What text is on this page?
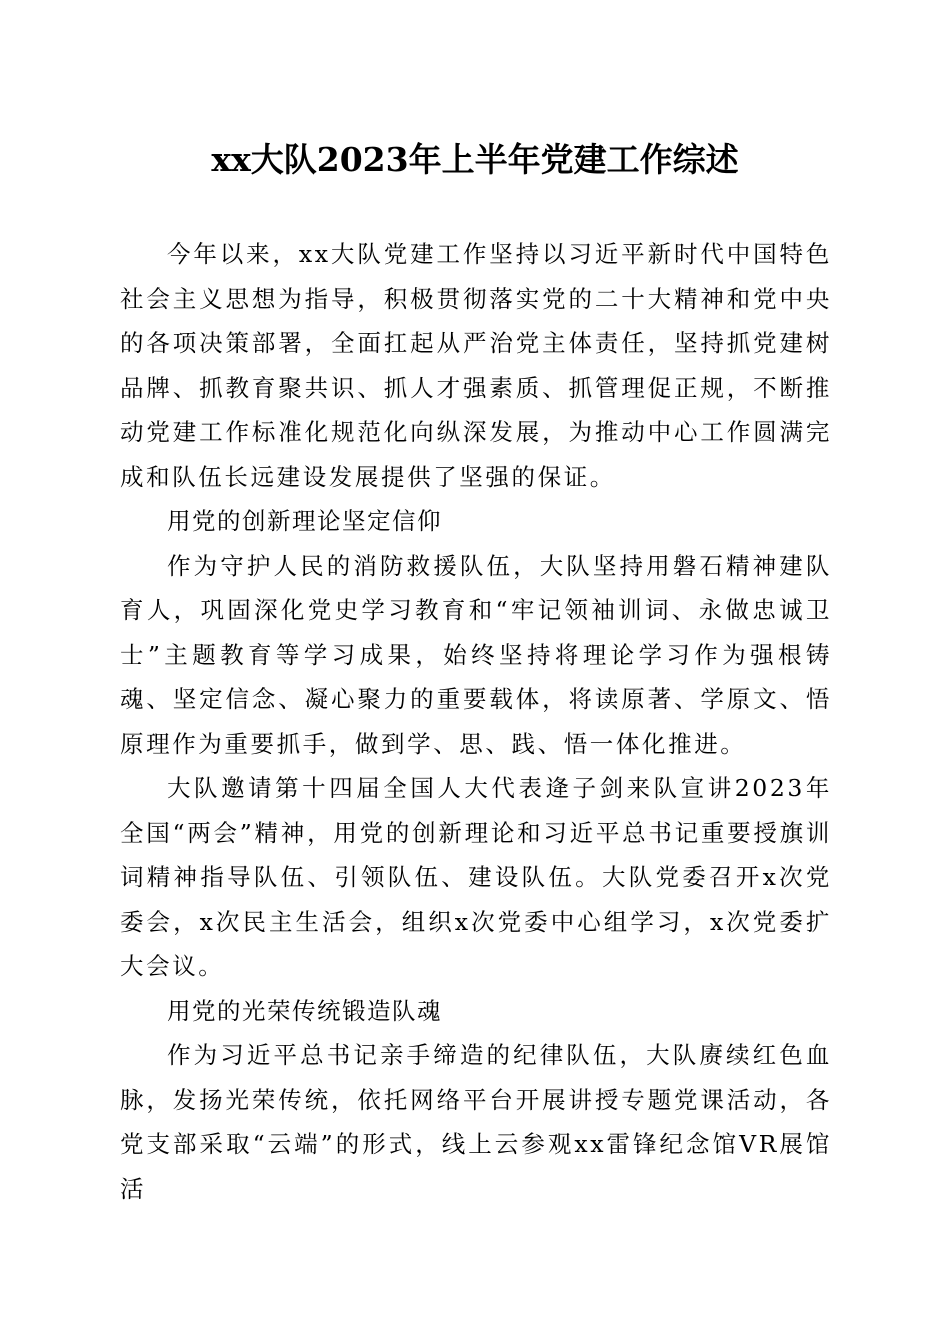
xx大队2023年上半年党建工作综述

今年以来，xx大队党建工作坚持以习近平新时代中国特色社会主义思想为指导，积极贯彻落实党的二十大精神和党中央的各项决策部署，全面扛起从严治党主体责任，坚持抓党建树品牌、抓教育聚共识、抓人才强素质、抓管理促正规，不断推动党建工作标准化规范化向纵深发展，为推动中心工作圆满完成和队伍长远建设发展提供了坚强的保证。

用党的创新理论坚定信仰

作为守护人民的消防救援队伍，大队坚持用磐石精神建队育人，巩固深化党史学习教育和“牢记领袖训词、永做忠诚卫士”主题教育等学习成果，始终坚持将理论学习作为强根铸魂、坚定信念、凝心聚力的重要载体，将读原著、学原文、悟原理作为重要抓手，做到学、思、践、悟一体化推进。

大队邀请第十四届全国人大代表逄子剑来队宣讲2023年全国“两会”精神，用党的创新理论和习近平总书记重要授旗训词精神指导队伍、引领队伍、建设队伍。大队党委召开x次党委会，x次民主生活会，组织x次党委中心组学习，x次党委扩大会议。

用党的光荣传统锻造队魂

作为习近平总书记亲手缔造的纪律队伍，大队赓续红色血脉，发扬光荣传统，依托网络平台开展讲授专题党课活动，各党支部采取“云端”的形式，线上云参观xx雷锋纪念馆VR展馆活
